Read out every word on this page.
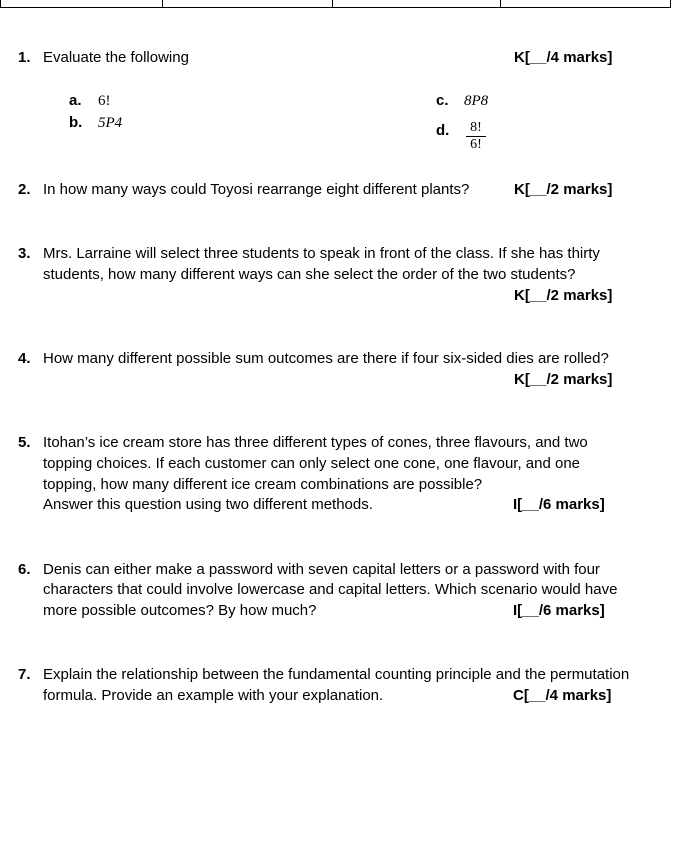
1. Evaluate the following	K[__/4 marks]
a. 6!
b. 5P4
c. 8P8
d. 8!
6!
2. In how many ways could Toyosi rearrange eight different plants?	K[__/2 marks]
3. Mrs. Larraine will select three students to speak in front of the class. If she has thirty
students, how many different ways can she select the order of the two students?
K[__/2 marks]
4. How many different possible sum outcomes are there if four six-sided dies are rolled?
K[__/2 marks]
5. Itohan’s ice cream store has three different types of cones, three flavours, and two
topping choices. If each customer can only select one cone, one flavour, and one
topping, how many different ice cream combinations are possible?
Answer this question using two different methods.	I[__/6 marks]
6. Denis can either make a password with seven capital letters or a password with four
characters that could involve lowercase and capital letters. Which scenario would have
more possible outcomes? By how much?	I[__/6 marks]
7. Explain the relationship between the fundamental counting principle and the permutation
formula. Provide an example with your explanation.	C[__/4 marks]
